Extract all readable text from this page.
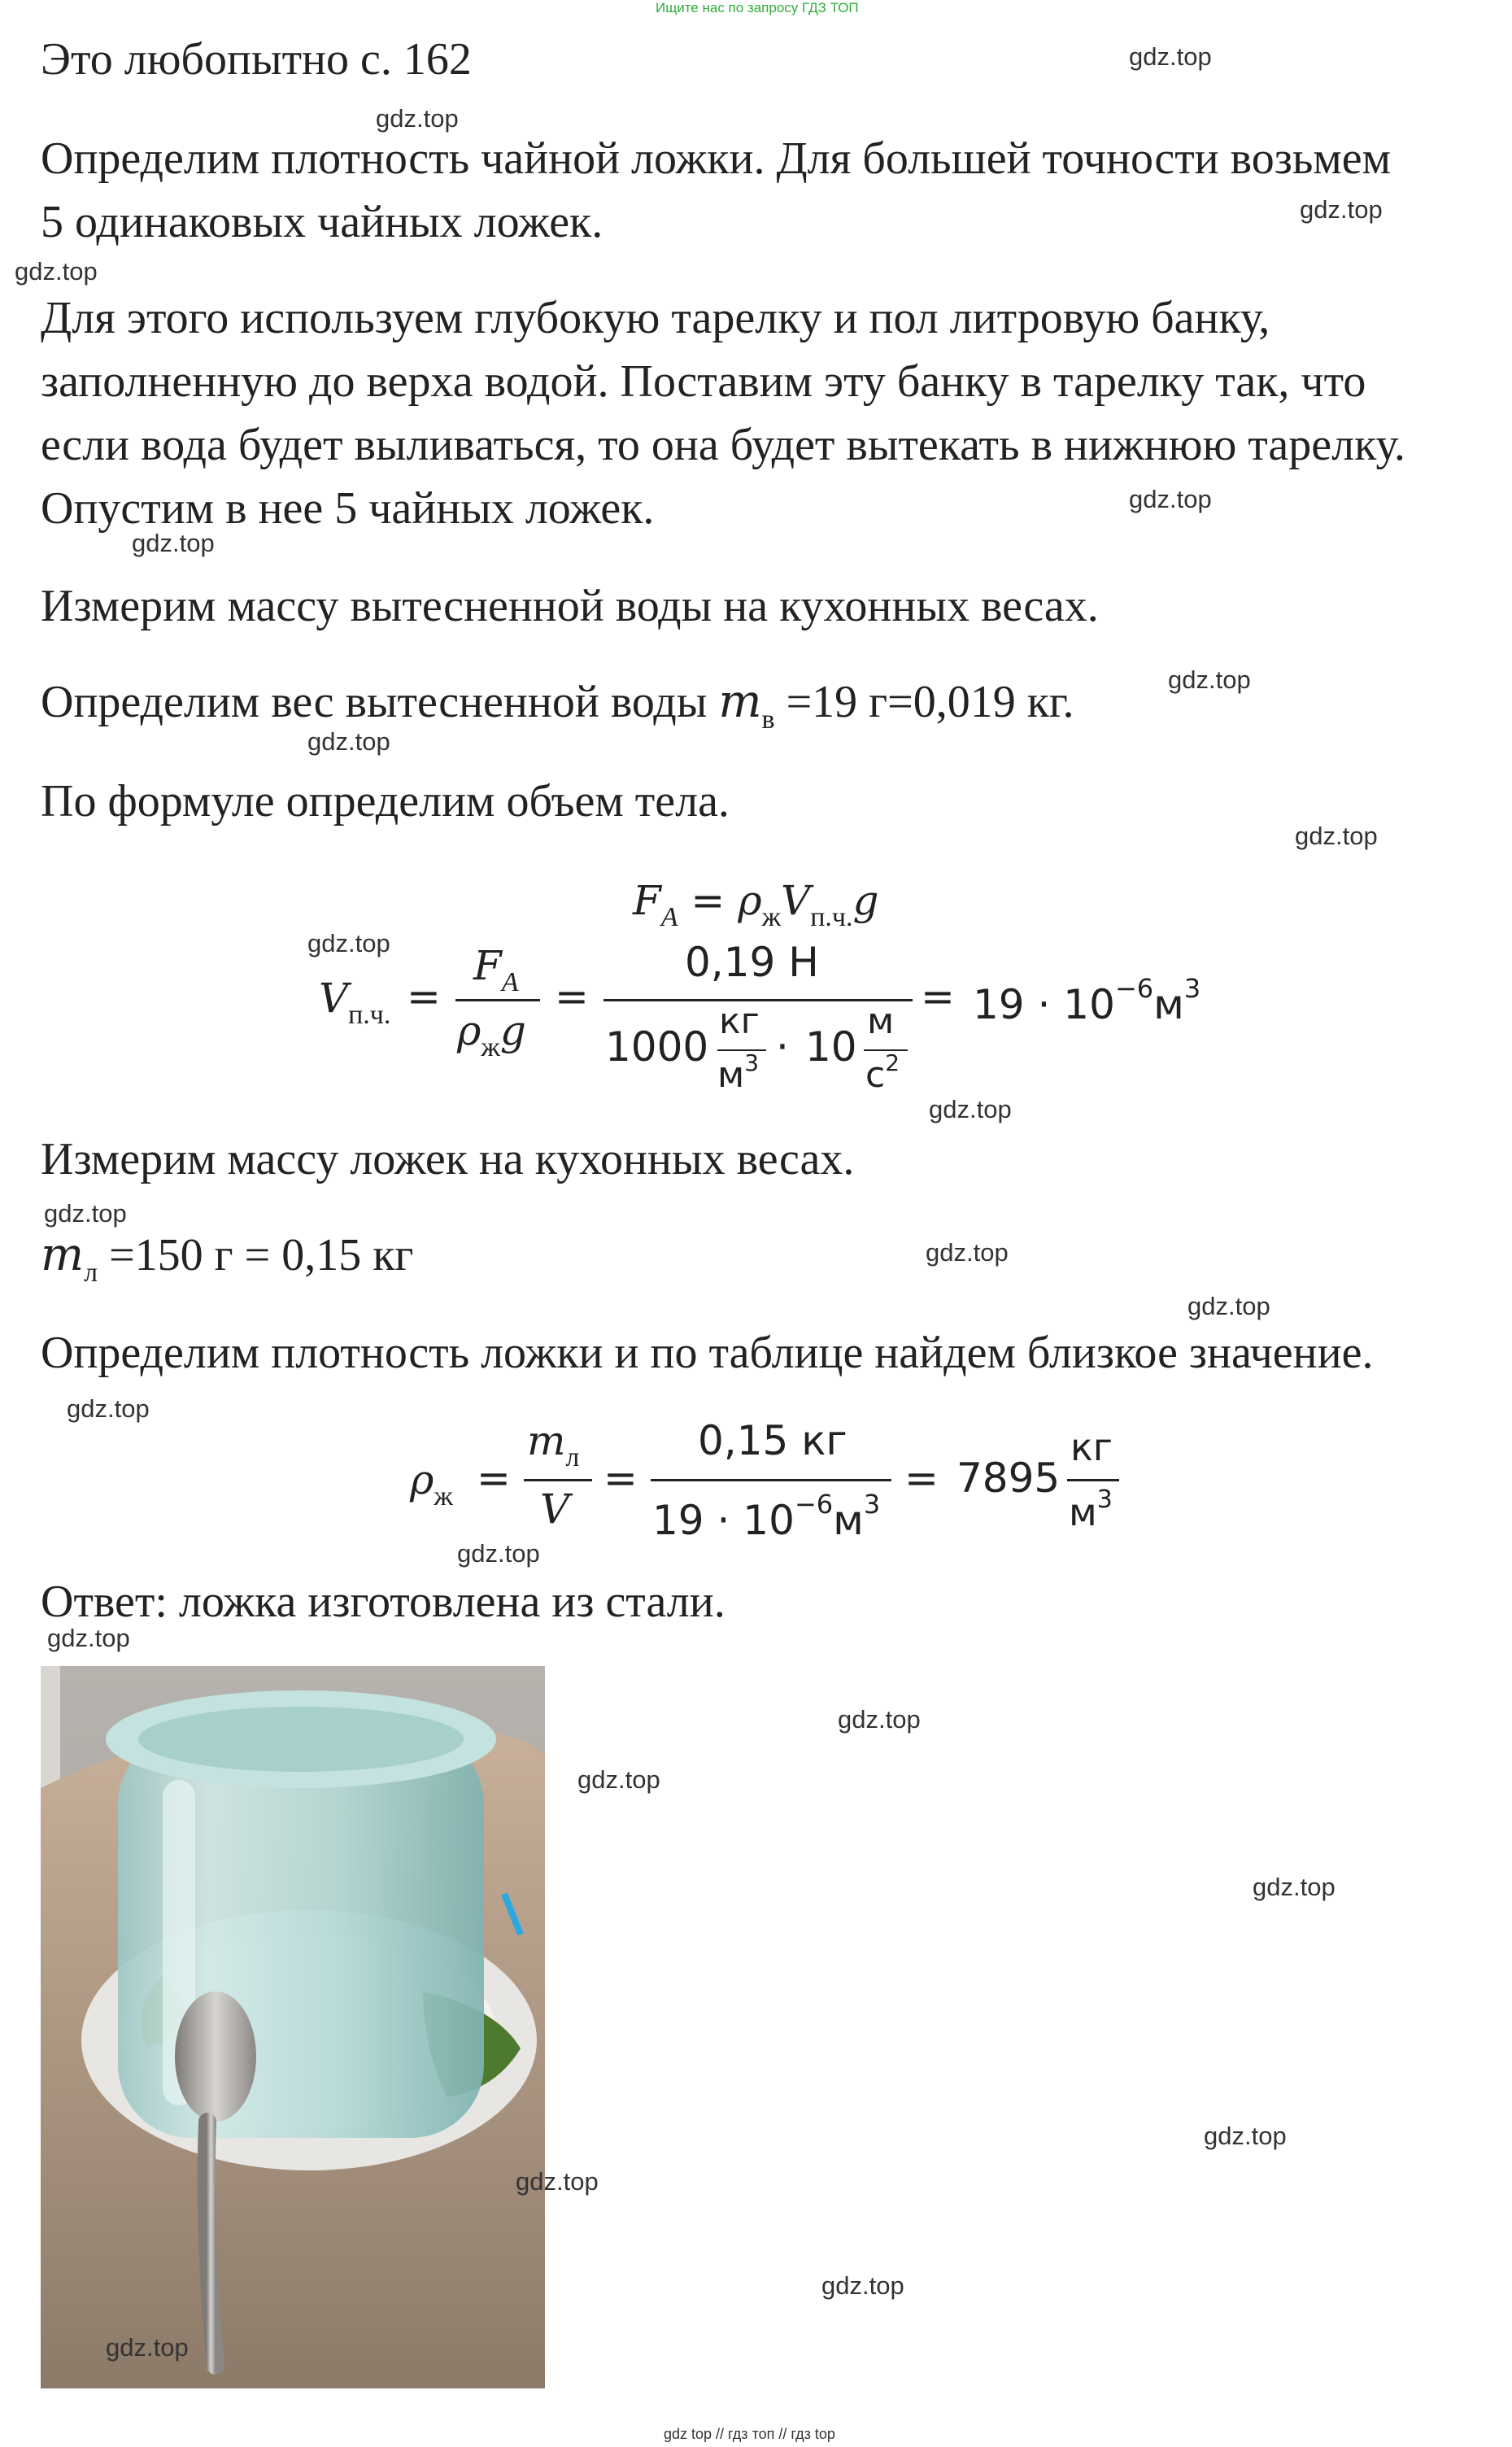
Ищите нас по запросу ГДЗ ТОП
Это любопытно с. 162
Определим плотность чайной ложки. Для большей точности возьмем
5 одинаковых чайных ложек.
Для этого используем глубокую тарелку и пол литровую банку,
заполненную до верха водой. Поставим эту банку в тарелку так, что
если вода будет выливаться, то она будет вытекать в нижнюю тарелку.
Опустим в нее 5 чайных ложек.
Измерим массу вытесненной воды на кухонных весах.
Определим вес вытесненной воды $m_в =19$ г=0,019 кг.
По формуле определим объем тела.
$F_A = \rho_жV_{п.ч.}g$
$V_{п.ч.}$ =
$F_A$
$\rho_жg$
=
0,19 Н
1000
кг
$м^3 \cdot 10$
м
$с^2$
= $19 \cdot 10^{-6}м^3$
Измерим массу ложек на кухонных весах.
$m_л =150$ г = 0,15 кг
Определим плотность ложки и по таблице найдем близкое значение.
$\rho_ж$ =
$m_л$
V
=
0,15 кг
$19 \cdot 10^{-6}м^3$
= 7895
кг
$м^3$
Ответ: ложка изготовлена из стали.
gdz.top
gdz.top
gdz.top
gdz.top
gdz.top
gdz.top
gdz.top
gdz.top
gdz.top
gdz.top
gdz.top
gdz.top
gdz.top
gdz.top
gdz.top
gdz.top
gdz.top
gdz.top
gdz.top
gdz.top
gdz.top
gdz.top
gdz.top
gdz.top
gdz top // гдз топ // гдз top
